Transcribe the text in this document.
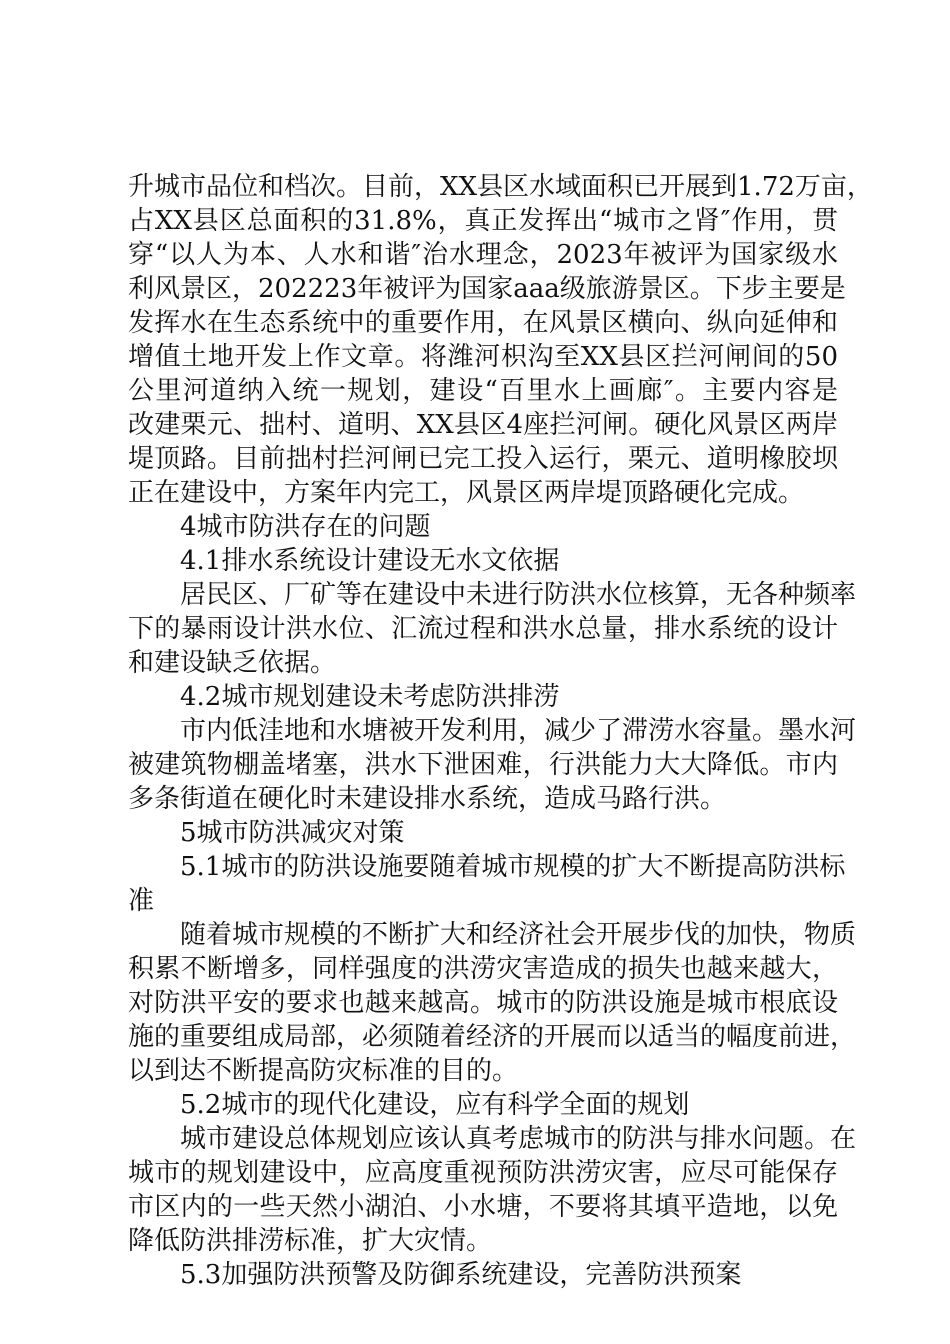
升城市品位和档次。目前，XX县区水域面积已开展到1.72万亩，
占XX县区总面积的31.8%，真正发挥出“城市之肾″作用，贯
穿“以人为本、人水和谐″治水理念，2023年被评为国家级水
利风景区，202223年被评为国家aaa级旅游景区。下步主要是
发挥水在生态系统中的重要作用，在风景区横向、纵向延伸和
增值土地开发上作文章。将潍河枳沟至XX县区拦河闸间的50
公里河道纳入统一规划，建设“百里水上画廊″。主要内容是
改建栗元、拙村、道明、XX县区4座拦河闸。硬化风景区两岸
堤顶路。目前拙村拦河闸已完工投入运行，栗元、道明橡胶坝
正在建设中，方案年内完工，风景区两岸堤顶路硬化完成。
4城市防洪存在的问题
4.1排水系统设计建设无水文依据
居民区、厂矿等在建设中未进行防洪水位核算，无各种频率
下的暴雨设计洪水位、汇流过程和洪水总量，排水系统的设计
和建设缺乏依据。
4.2城市规划建设未考虑防洪排涝
市内低洼地和水塘被开发利用，减少了滞涝水容量。墨水河
被建筑物棚盖堵塞，洪水下泄困难，行洪能力大大降低。市内
多条街道在硬化时未建设排水系统，造成马路行洪。
5城市防洪减灾对策
5.1城市的防洪设施要随着城市规模的扩大不断提高防洪标
准
随着城市规模的不断扩大和经济社会开展步伐的加快，物质
积累不断增多，同样强度的洪涝灾害造成的损失也越来越大，
对防洪平安的要求也越来越高。城市的防洪设施是城市根底设
施的重要组成局部，必须随着经济的开展而以适当的幅度前进，
以到达不断提高防灾标准的目的。
5.2城市的现代化建设，应有科学全面的规划
城市建设总体规划应该认真考虑城市的防洪与排水问题。在
城市的规划建设中，应高度重视预防洪涝灾害，应尽可能保存
市区内的一些天然小湖泊、小水塘，不要将其填平造地，以免
降低防洪排涝标准，扩大灾情。
5.3加强防洪预警及防御系统建设，完善防洪预案
